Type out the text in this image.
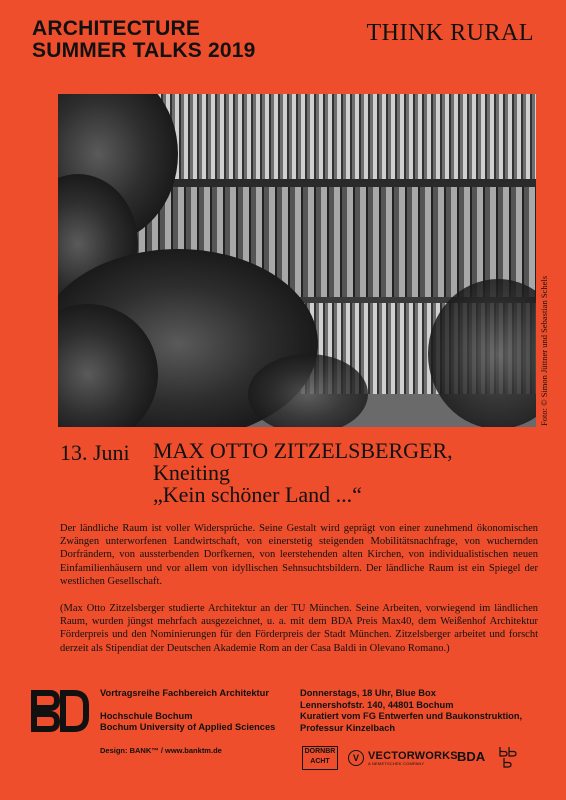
ARCHITECTURE
SUMMER TALKS 2019
THINK RURAL
Foto: © Simon Jüttner und Sebastian Schels
13. Juni MAX OTTO ZITZELSBERGER,
Kneiting
„Kein schöner Land ...“
Der ländliche Raum ist voller Widersprüche. Seine Gestalt wird geprägt von einer zunehmend ökonomischen Zwängen unterworfenen Landwirtschaft, von einerstetig steigenden Mobilitätsnachfrage, von wuchernden Dorfrändern, von aussterbenden Dorfkernen, von leerstehenden alten Kirchen, von individualistischen neuen Einfamilienhäusern und vor allem von idyllischen Sehnsuchtsbildern. Der ländliche Raum ist ein Spiegel der westlichen Gesellschaft.
(Max Otto Zitzelsberger studierte Architektur an der TU München. Seine Arbeiten, vorwiegend im ländlichen Raum, wurden jüngst mehrfach ausgezeichnet, u. a. mit dem BDA Preis Max40, dem Weißenhof Architektur Förderpreis und den Nominierungen für den Förderpreis der Stadt München. Zitzelsberger arbeitet und forscht derzeit als Stipendiat der Deutschen Akademie Rom an der Casa Baldi in Olevano Romano.)
Vortragsreihe Fachbereich Architektur
Hochschule Bochum
Bochum University of Applied Sciences
Donnerstags, 18 Uhr, Blue Box
Lennershofstr. 140, 44801 Bochum
Kuratiert vom FG Entwerfen und Baukonstruktion,
Professur Kinzelbach
Design: BANK™ / www.banktm.de	DORNBRACHT	V VECTORWORKS
A NEMETSCHEK COMPANY	BDA
